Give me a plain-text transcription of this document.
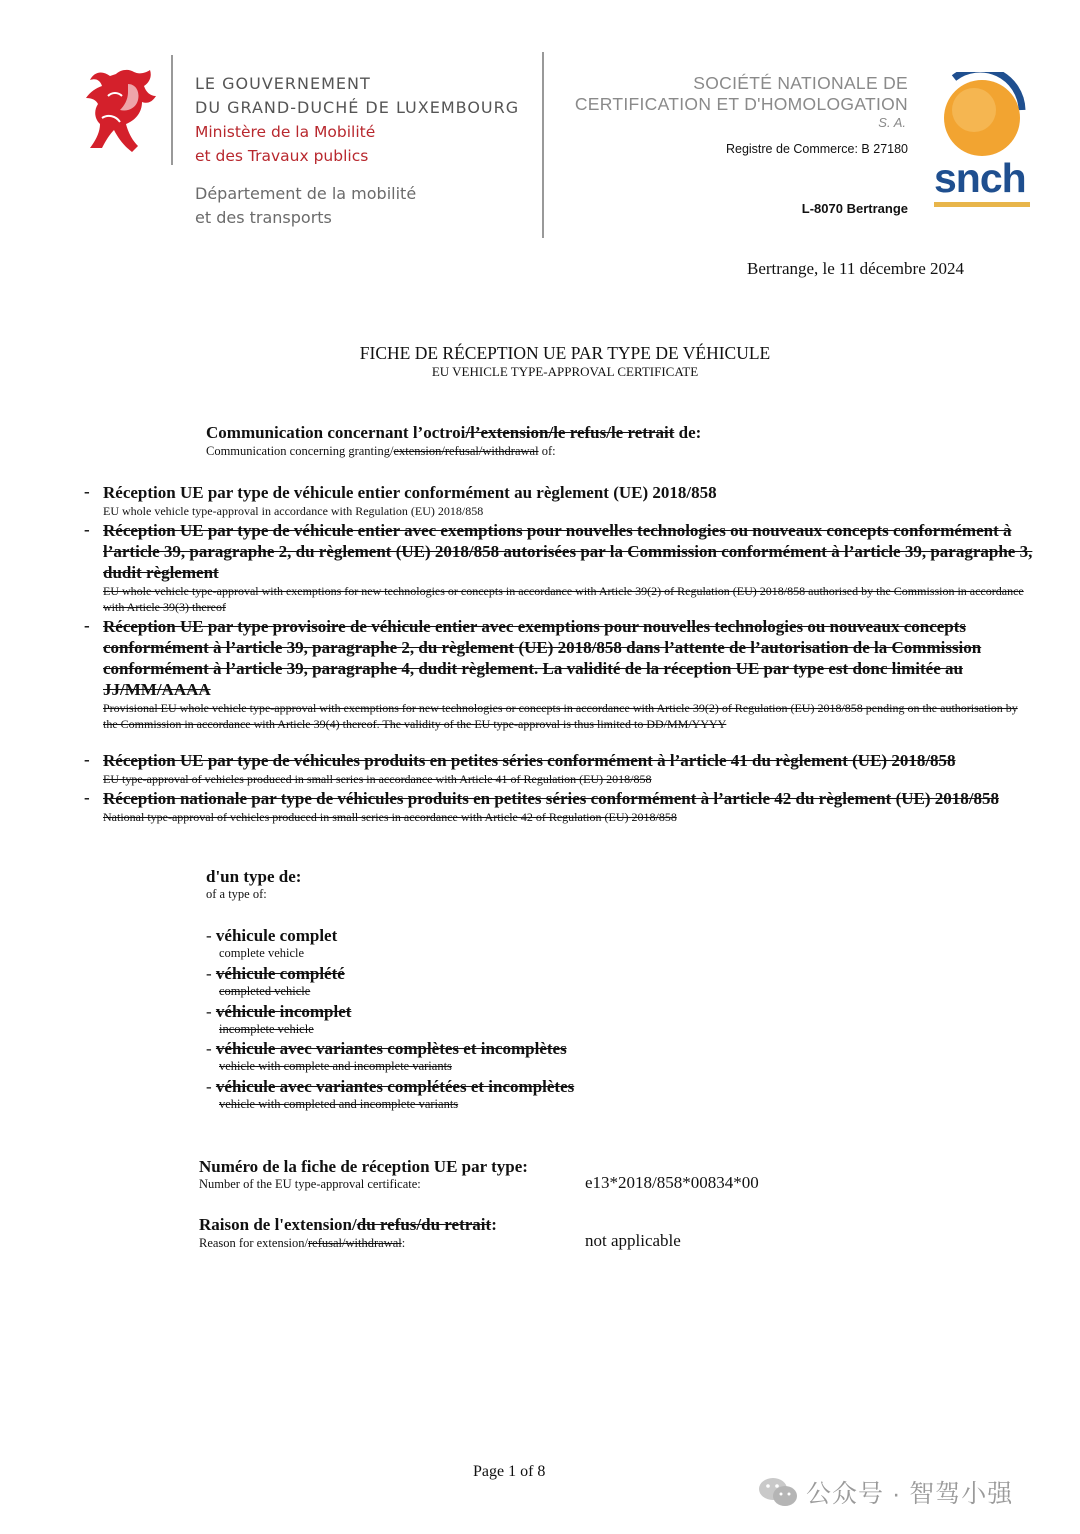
LE GOUVERNEMENT
DU GRAND-DUCHÉ DE LUXEMBOURG
Ministère de la Mobilité
et des Travaux publics
Département de la mobilité
et des transports
SOCIÉTÉ NATIONALE DE
CERTIFICATION ET D'HOMOLOGATION
S. A.
Registre de Commerce: B 27180
L-8070 Bertrange
snch
Bertrange, le 11 décembre 2024
FICHE DE RÉCEPTION UE PAR TYPE DE VÉHICULE
EU VEHICLE TYPE-APPROVAL CERTIFICATE
Communication concernant l’octroi/l’extension/le refus/le retrait de:
Communication concerning granting/extension/refusal/withdrawal of:
- Réception UE par type de véhicule entier conformément au règlement (UE) 2018/858
EU whole vehicle type-approval in accordance with Regulation (EU) 2018/858
- Réception UE par type de véhicule entier avec exemptions pour nouvelles technologies ou nouveaux concepts conformément à l’article 39, paragraphe 2, du règlement (UE) 2018/858 autorisées par la Commission conformément à l’article 39, paragraphe 3, dudit règlement
EU whole vehicle type-approval with exemptions for new technologies or concepts in accordance with Article 39(2) of Regulation (EU) 2018/858 authorised by the Commission in accordance with Article 39(3) thereof
- Réception UE par type provisoire de véhicule entier avec exemptions pour nouvelles technologies ou nouveaux concepts conformément à l’article 39, paragraphe 2, du règlement (UE) 2018/858 dans l’attente de l’autorisation de la Commission conformément à l’article 39, paragraphe 4, dudit règlement. La validité de la réception UE par type est donc limitée au JJ/MM/AAAA
Provisional EU whole vehicle type-approval with exemptions for new technologies or concepts in accordance with Article 39(2) of Regulation (EU) 2018/858 pending on the authorisation by the Commission in accordance with Article 39(4) thereof. The validity of the EU type-approval is thus limited to DD/MM/YYYY
- Réception UE par type de véhicules produits en petites séries conformément à l’article 41 du règlement (UE) 2018/858
EU type-approval of vehicles produced in small series in accordance with Article 41 of Regulation (EU) 2018/858
- Réception nationale par type de véhicules produits en petites séries conformément à l’article 42 du règlement (UE) 2018/858
National type-approval of vehicles produced in small series in accordance with Article 42 of Regulation (EU) 2018/858
d'un type de:
of a type of:
- véhicule complet
complete vehicle
- véhicule complété
completed vehicle
- véhicule incomplet
incomplete vehicle
- véhicule avec variantes complètes et incomplètes
vehicle with complete and incomplete variants
- véhicule avec variantes complétées et incomplètes
vehicle with completed and incomplete variants
Numéro de la fiche de réception UE par type:
Number of the EU type-approval certificate:	e13*2018/858*00834*00
Raison de l'extension/du refus/du retrait:
Reason for extension/refusal/withdrawal:	not applicable
Page 1 of 8
公众号 · 智驾小强
